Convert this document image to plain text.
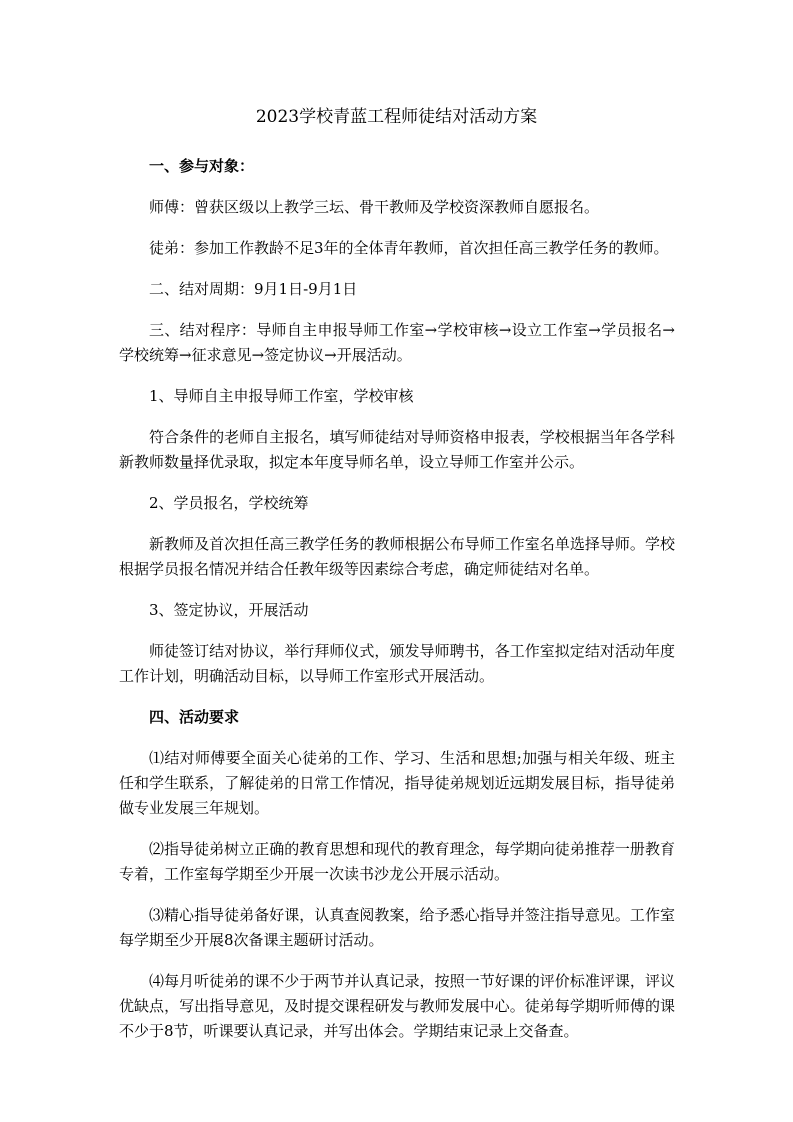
2023学校青蓝工程师徒结对活动方案

一、参与对象：

师傅：曾获区级以上教学三坛、骨干教师及学校资深教师自愿报名。

徒弟：参加工作教龄不足3年的全体青年教师，首次担任高三教学任务的教师。

二、结对周期：9月1日-9月1日

三、结对程序：导师自主申报导师工作室→学校审核→设立工作室→学员报名→学校统筹→征求意见→签定协议→开展活动。

1、导师自主申报导师工作室，学校审核

符合条件的老师自主报名，填写师徒结对导师资格申报表，学校根据当年各学科新教师数量择优录取，拟定本年度导师名单，设立导师工作室并公示。

2、学员报名，学校统筹

新教师及首次担任高三教学任务的教师根据公布导师工作室名单选择导师。学校根据学员报名情况并结合任教年级等因素综合考虑，确定师徒结对名单。

3、签定协议，开展活动

师徒签订结对协议，举行拜师仪式，颁发导师聘书，各工作室拟定结对活动年度工作计划，明确活动目标，以导师工作室形式开展活动。

四、活动要求

⑴结对师傅要全面关心徒弟的工作、学习、生活和思想;加强与相关年级、班主任和学生联系，了解徒弟的日常工作情况，指导徒弟规划近远期发展目标，指导徒弟做专业发展三年规划。

⑵指导徒弟树立正确的教育思想和现代的教育理念，每学期向徒弟推荐一册教育专着，工作室每学期至少开展一次读书沙龙公开展示活动。

⑶精心指导徒弟备好课，认真查阅教案，给予悉心指导并签注指导意见。工作室每学期至少开展8次备课主题研讨活动。

⑷每月听徒弟的课不少于两节并认真记录，按照一节好课的评价标准评课，评议优缺点，写出指导意见，及时提交课程研发与教师发展中心。徒弟每学期听师傅的课不少于8节，听课要认真记录，并写出体会。学期结束记录上交备查。
